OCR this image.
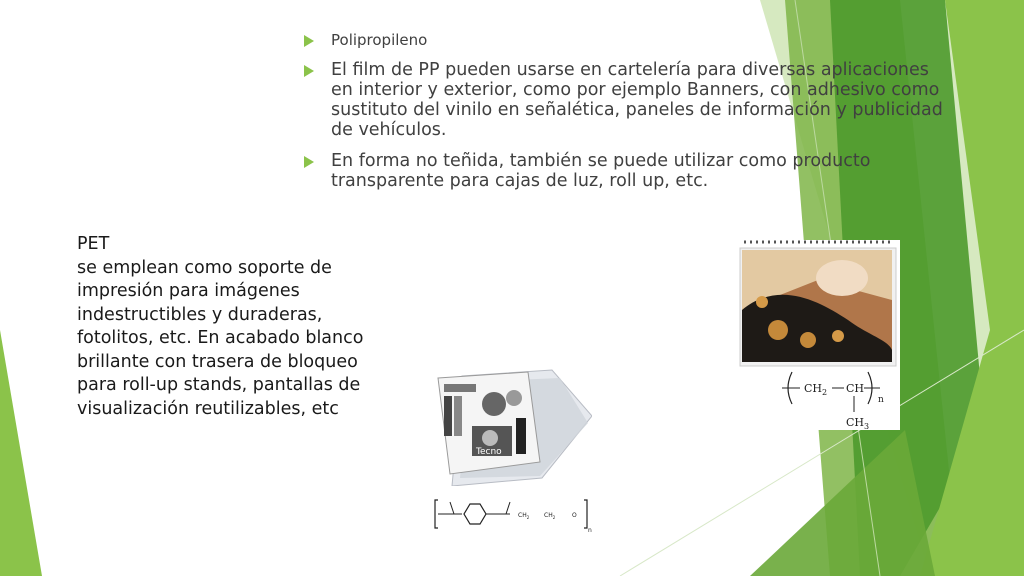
Polipropileno
El film de PP pueden usarse en cartelería para diversas aplicaciones en interior y exterior, como por ejemplo Banners, con adhesivo como sustituto del vinilo en señalética, paneles de información y publicidad de vehículos.
En forma no teñida, también se puede utilizar como producto transparente para cajas de luz, roll up, etc.
PET
se emplean como soporte de impresión para imágenes indestructibles y duraderas, fotolitos, etc. En acabado blanco brillante con trasera de bloqueo para roll-up stands, pantallas de visualización reutilizables, etc
Tecno
$CH_2$ $CH_2$	O
n
$CH_2$ CH
$CH_3$
n
